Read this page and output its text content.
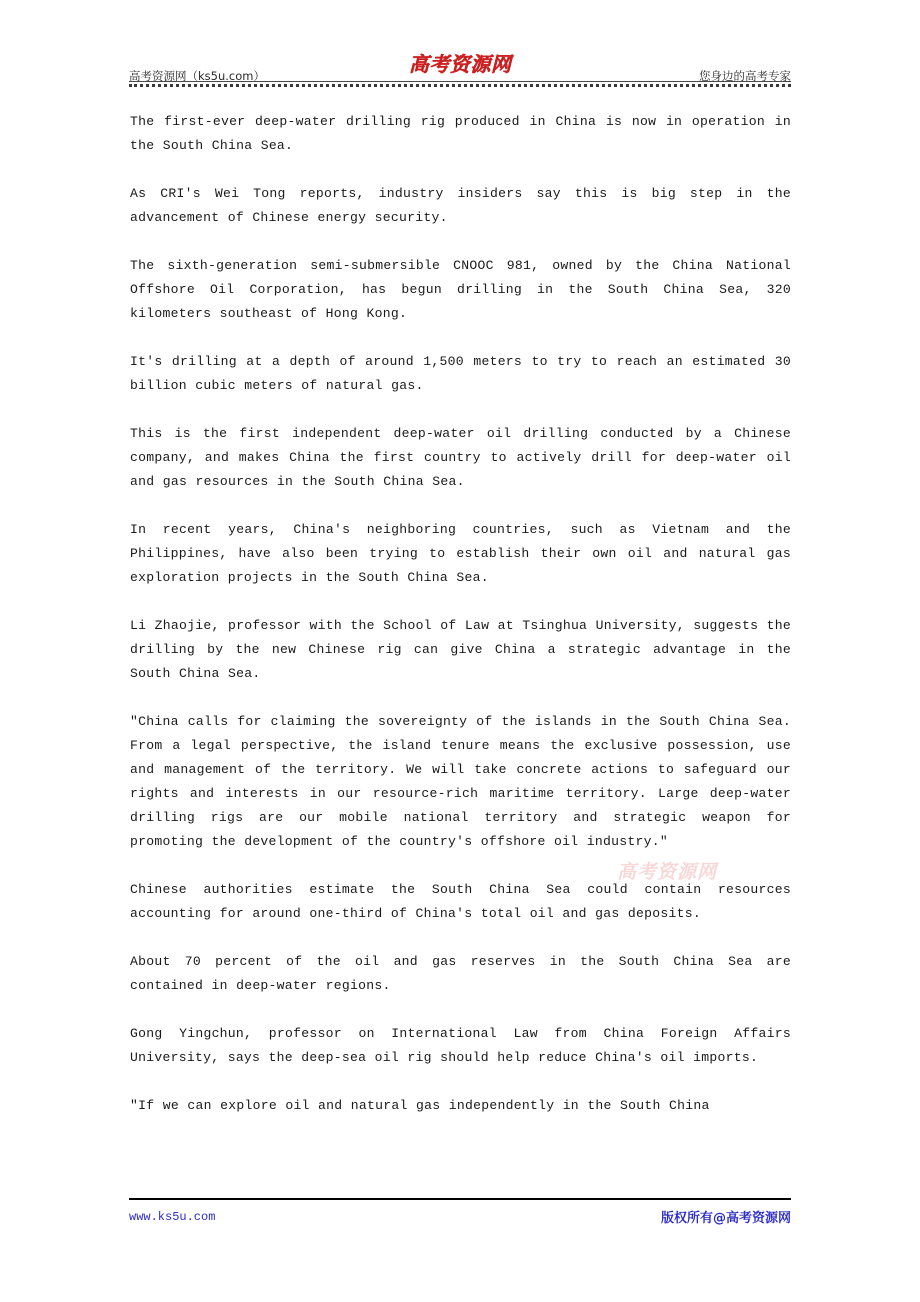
高考资源网（ks5u.com）	您身边的高考专家
高考资源网

The first-ever deep-water drilling rig produced in China is now in operation in the South China Sea.

As CRI's Wei Tong reports, industry insiders say this is big step in the advancement of Chinese energy security.

The sixth-generation semi-submersible CNOOC 981, owned by the China National Offshore Oil Corporation, has begun drilling in the South China Sea, 320 kilometers southeast of Hong Kong.

It's drilling at a depth of around 1,500 meters to try to reach an estimated 30 billion cubic meters of natural gas.

This is the first independent deep-water oil drilling conducted by a Chinese company, and makes China the first country to actively drill for deep-water oil and gas resources in the South China Sea.

In recent years, China's neighboring countries, such as Vietnam and the Philippines, have also been trying to establish their own oil and natural gas exploration projects in the South China Sea.

Li Zhaojie, professor with the School of Law at Tsinghua University, suggests the drilling by the new Chinese rig can give China a strategic advantage in the South China Sea.

"China calls for claiming the sovereignty of the islands in the South China Sea. From a legal perspective, the island tenure means the exclusive possession, use and management of the territory. We will take concrete actions to safeguard our rights and interests in our resource-rich maritime territory. Large deep-water drilling rigs are our mobile national territory and strategic weapon for promoting the development of the country's offshore oil industry."

Chinese authorities estimate the South China Sea could contain resources accounting for around one-third of China's total oil and gas deposits.

About 70 percent of the oil and gas reserves in the South China Sea are contained in deep-water regions.

Gong Yingchun, professor on International Law from China Foreign Affairs University, says the deep-sea oil rig should help reduce China's oil imports.

"If we can explore oil and natural gas independently in the South China

高考资源网
www.ks5u.com	版权所有@高考资源网
